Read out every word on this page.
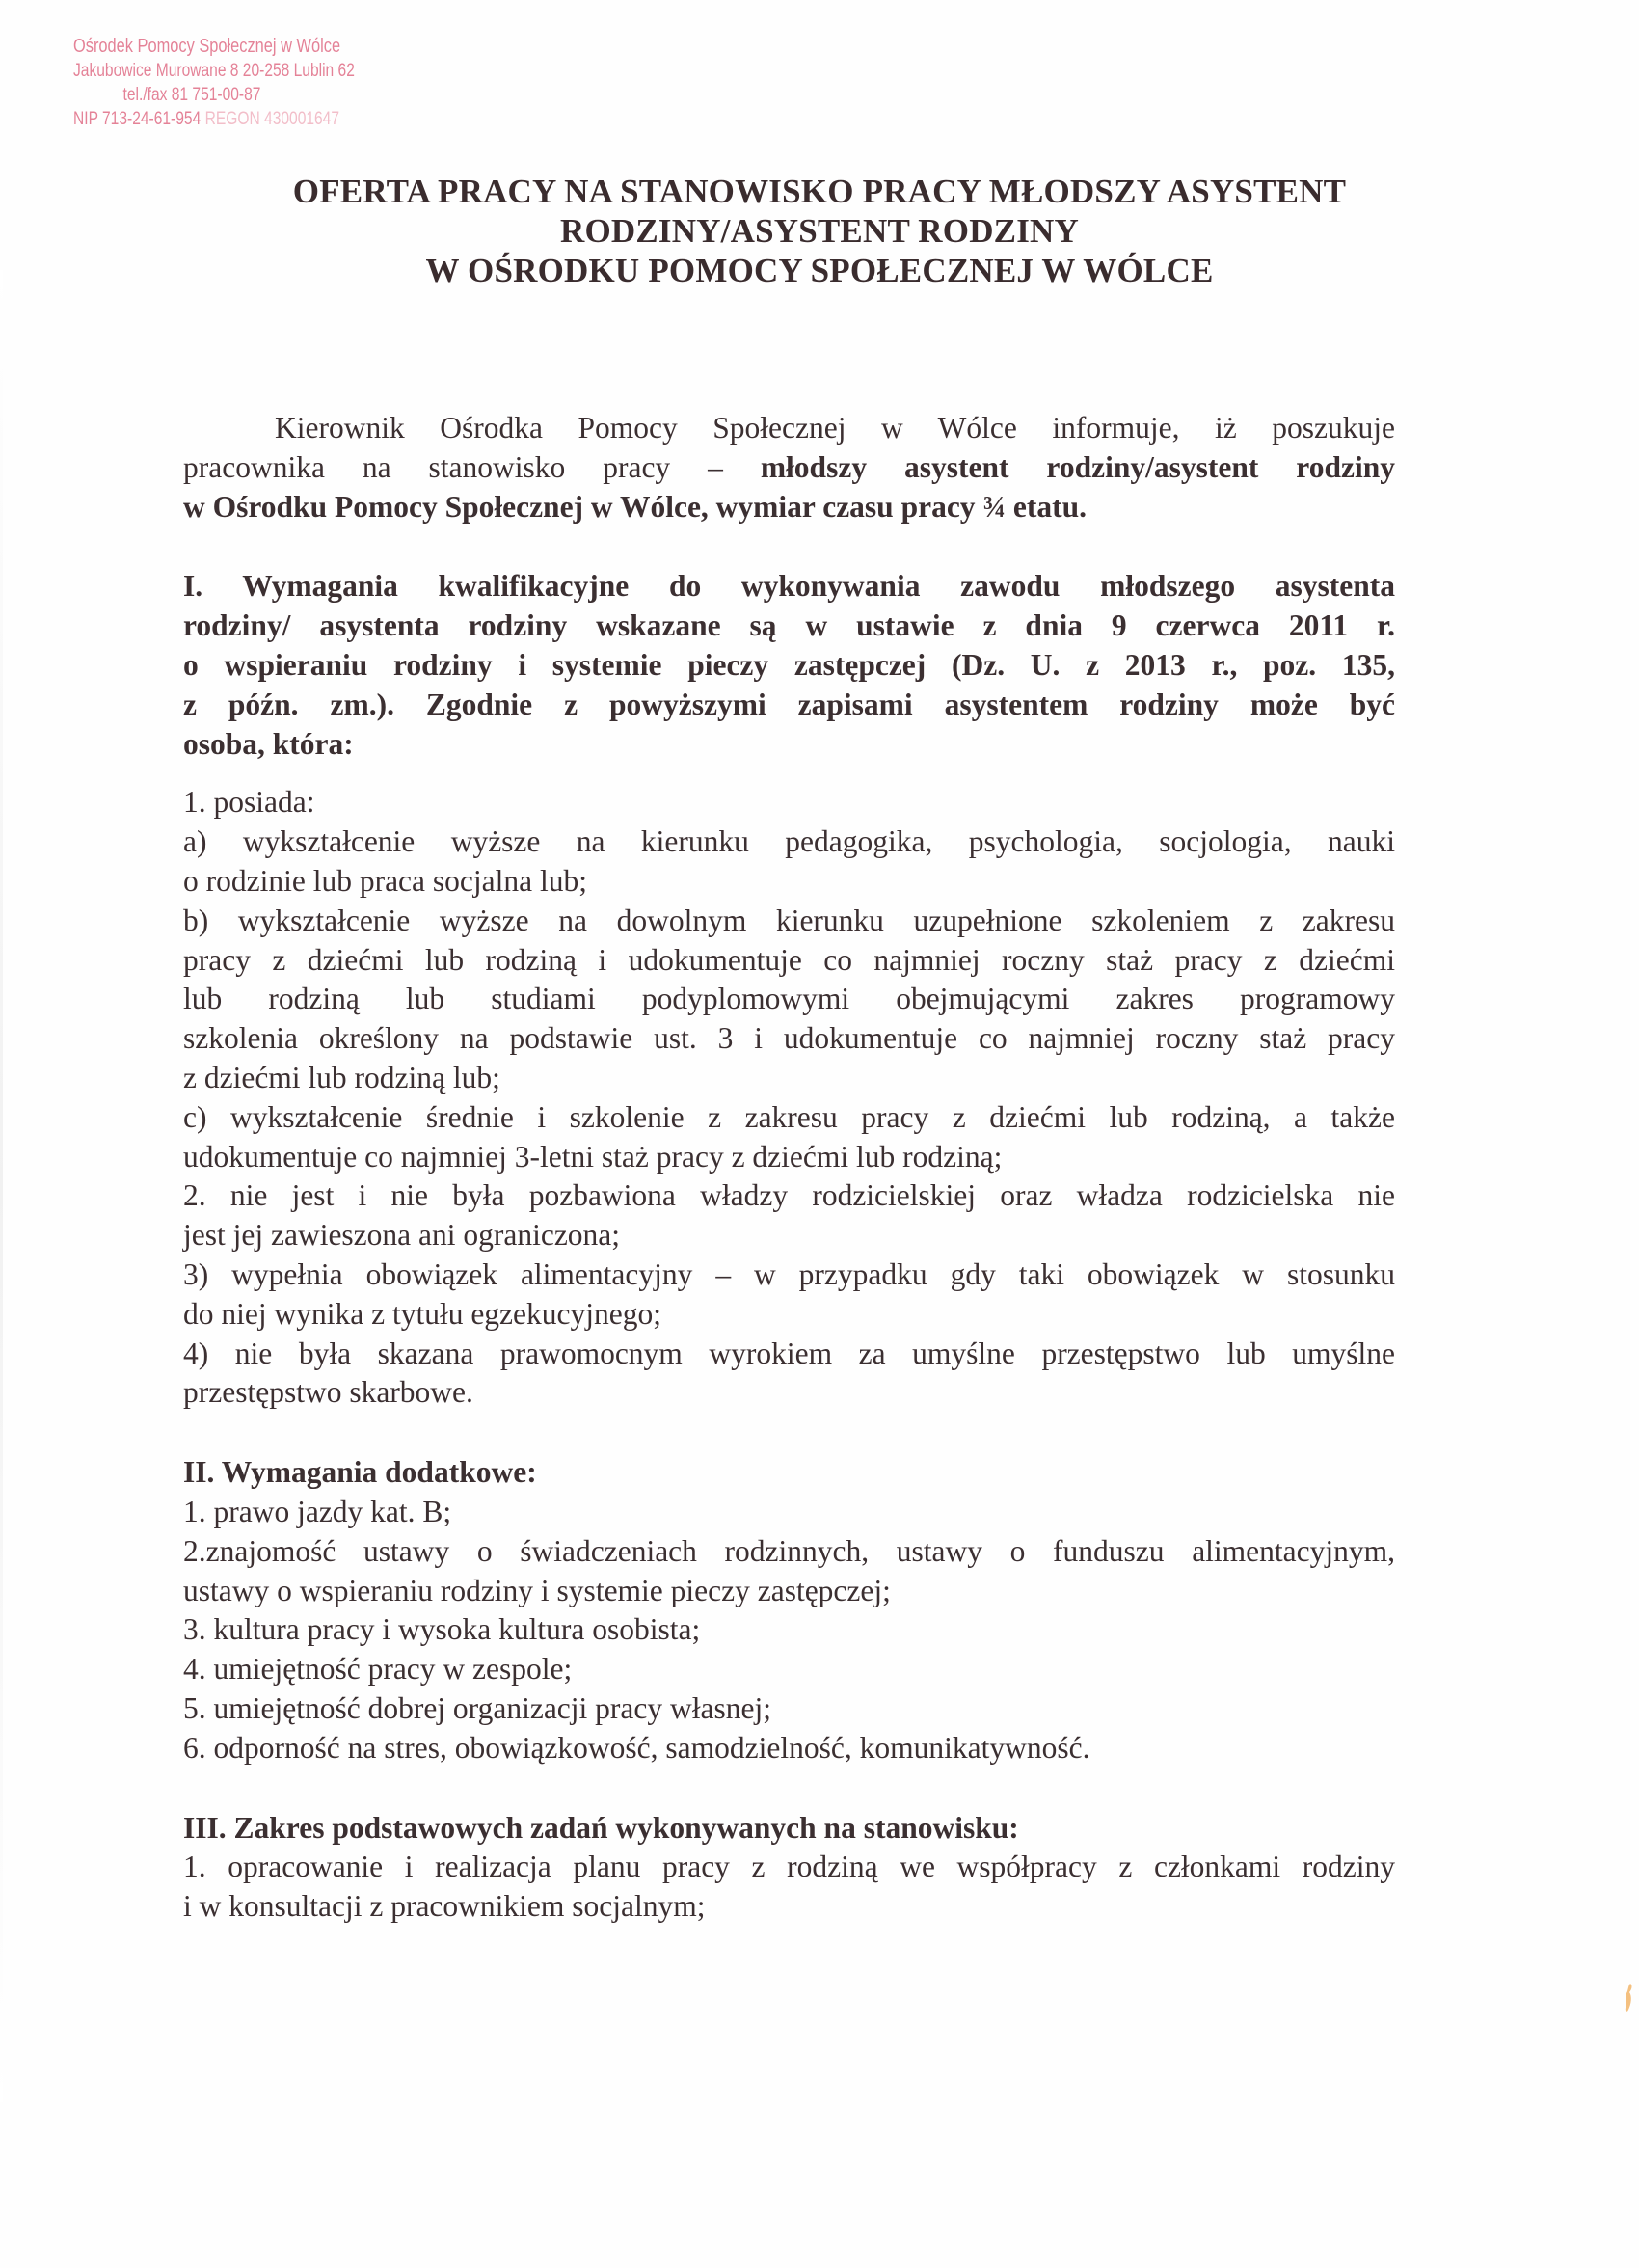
Ośrodek Pomocy Społecznej w Wólce
Jakubowice Murowane 8 20-258 Lublin 62
tel./fax 81 751-00-87
NIP 713-24-61-954 REGON 430001647
OFERTA PRACY NA STANOWISKO PRACY MŁODSZY ASYSTENT
RODZINY/ASYSTENT RODZINY
W OŚRODKU POMOCY SPOŁECZNEJ W WÓLCE
Kierownik Ośrodka Pomocy Społecznej w Wólce informuje, iż poszukuje
pracownika na stanowisko pracy – młodszy asystent rodziny/asystent rodziny
w Ośrodku Pomocy Społecznej w Wólce, wymiar czasu pracy ¾ etatu.
I. Wymagania kwalifikacyjne do wykonywania zawodu młodszego asystenta
rodziny/ asystenta rodziny wskazane są w ustawie z dnia 9 czerwca 2011 r.
o wspieraniu rodziny i systemie pieczy zastępczej (Dz. U. z 2013 r., poz. 135,
z późn. zm.). Zgodnie z powyższymi zapisami asystentem rodziny może być
osoba, która:
1. posiada:
a) wykształcenie wyższe na kierunku pedagogika, psychologia, socjologia, nauki
o rodzinie lub praca socjalna lub;
b) wykształcenie wyższe na dowolnym kierunku uzupełnione szkoleniem z zakresu
pracy z dziećmi lub rodziną i udokumentuje co najmniej roczny staż pracy z dziećmi
lub rodziną lub studiami podyplomowymi obejmującymi zakres programowy
szkolenia określony na podstawie ust. 3 i udokumentuje co najmniej roczny staż pracy
z dziećmi lub rodziną lub;
c) wykształcenie średnie i szkolenie z zakresu pracy z dziećmi lub rodziną, a także
udokumentuje co najmniej 3-letni staż pracy z dziećmi lub rodziną;
2. nie jest i nie była pozbawiona władzy rodzicielskiej oraz władza rodzicielska nie
jest jej zawieszona ani ograniczona;
3) wypełnia obowiązek alimentacyjny – w przypadku gdy taki obowiązek w stosunku
do niej wynika z tytułu egzekucyjnego;
4) nie była skazana prawomocnym wyrokiem za umyślne przestępstwo lub umyślne
przestępstwo skarbowe.
II. Wymagania dodatkowe:
1. prawo jazdy kat. B;
2.znajomość ustawy o świadczeniach rodzinnych, ustawy o funduszu alimentacyjnym,
ustawy o wspieraniu rodziny i systemie pieczy zastępczej;
3. kultura pracy i wysoka kultura osobista;
4. umiejętność pracy w zespole;
5. umiejętność dobrej organizacji pracy własnej;
6. odporność na stres, obowiązkowość, samodzielność, komunikatywność.
III. Zakres podstawowych zadań wykonywanych na stanowisku:
1. opracowanie i realizacja planu pracy z rodziną we współpracy z członkami rodziny
i w konsultacji z pracownikiem socjalnym;
